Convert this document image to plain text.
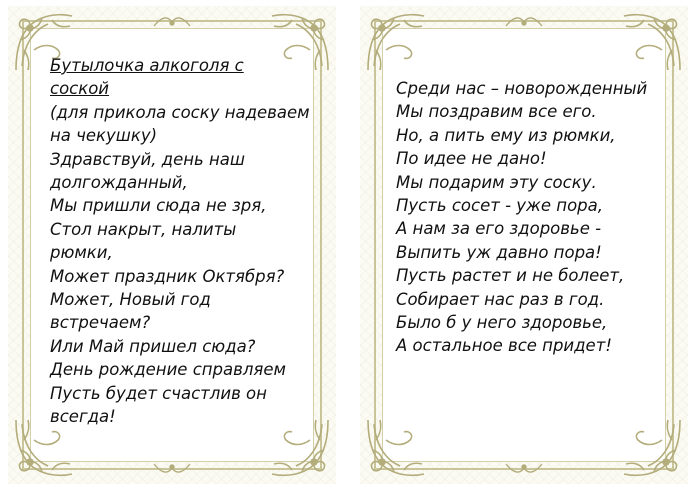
Бутылочка алкоголя с
соской
(для прикола соску надеваем
на чекушку)
Здравствуй, день наш
долгожданный,
Мы пришли сюда не зря,
Стол накрыт, налиты
рюмки,
Может праздник Октября?
Может, Новый год
встречаем?
Или Май пришел сюда?
День рождение справляем
Пусть будет счастлив он
всегда!
Среди нас – новорожденный
Мы поздравим все его.
Но, а пить ему из рюмки,
По идее не дано!
Мы подарим эту соску.
Пусть сосет - уже пора,
А нам за его здоровье -
Выпить уж давно пора!
Пусть растет и не болеет,
Собирает нас раз в год.
Было б у него здоровье,
А остальное все придет!
